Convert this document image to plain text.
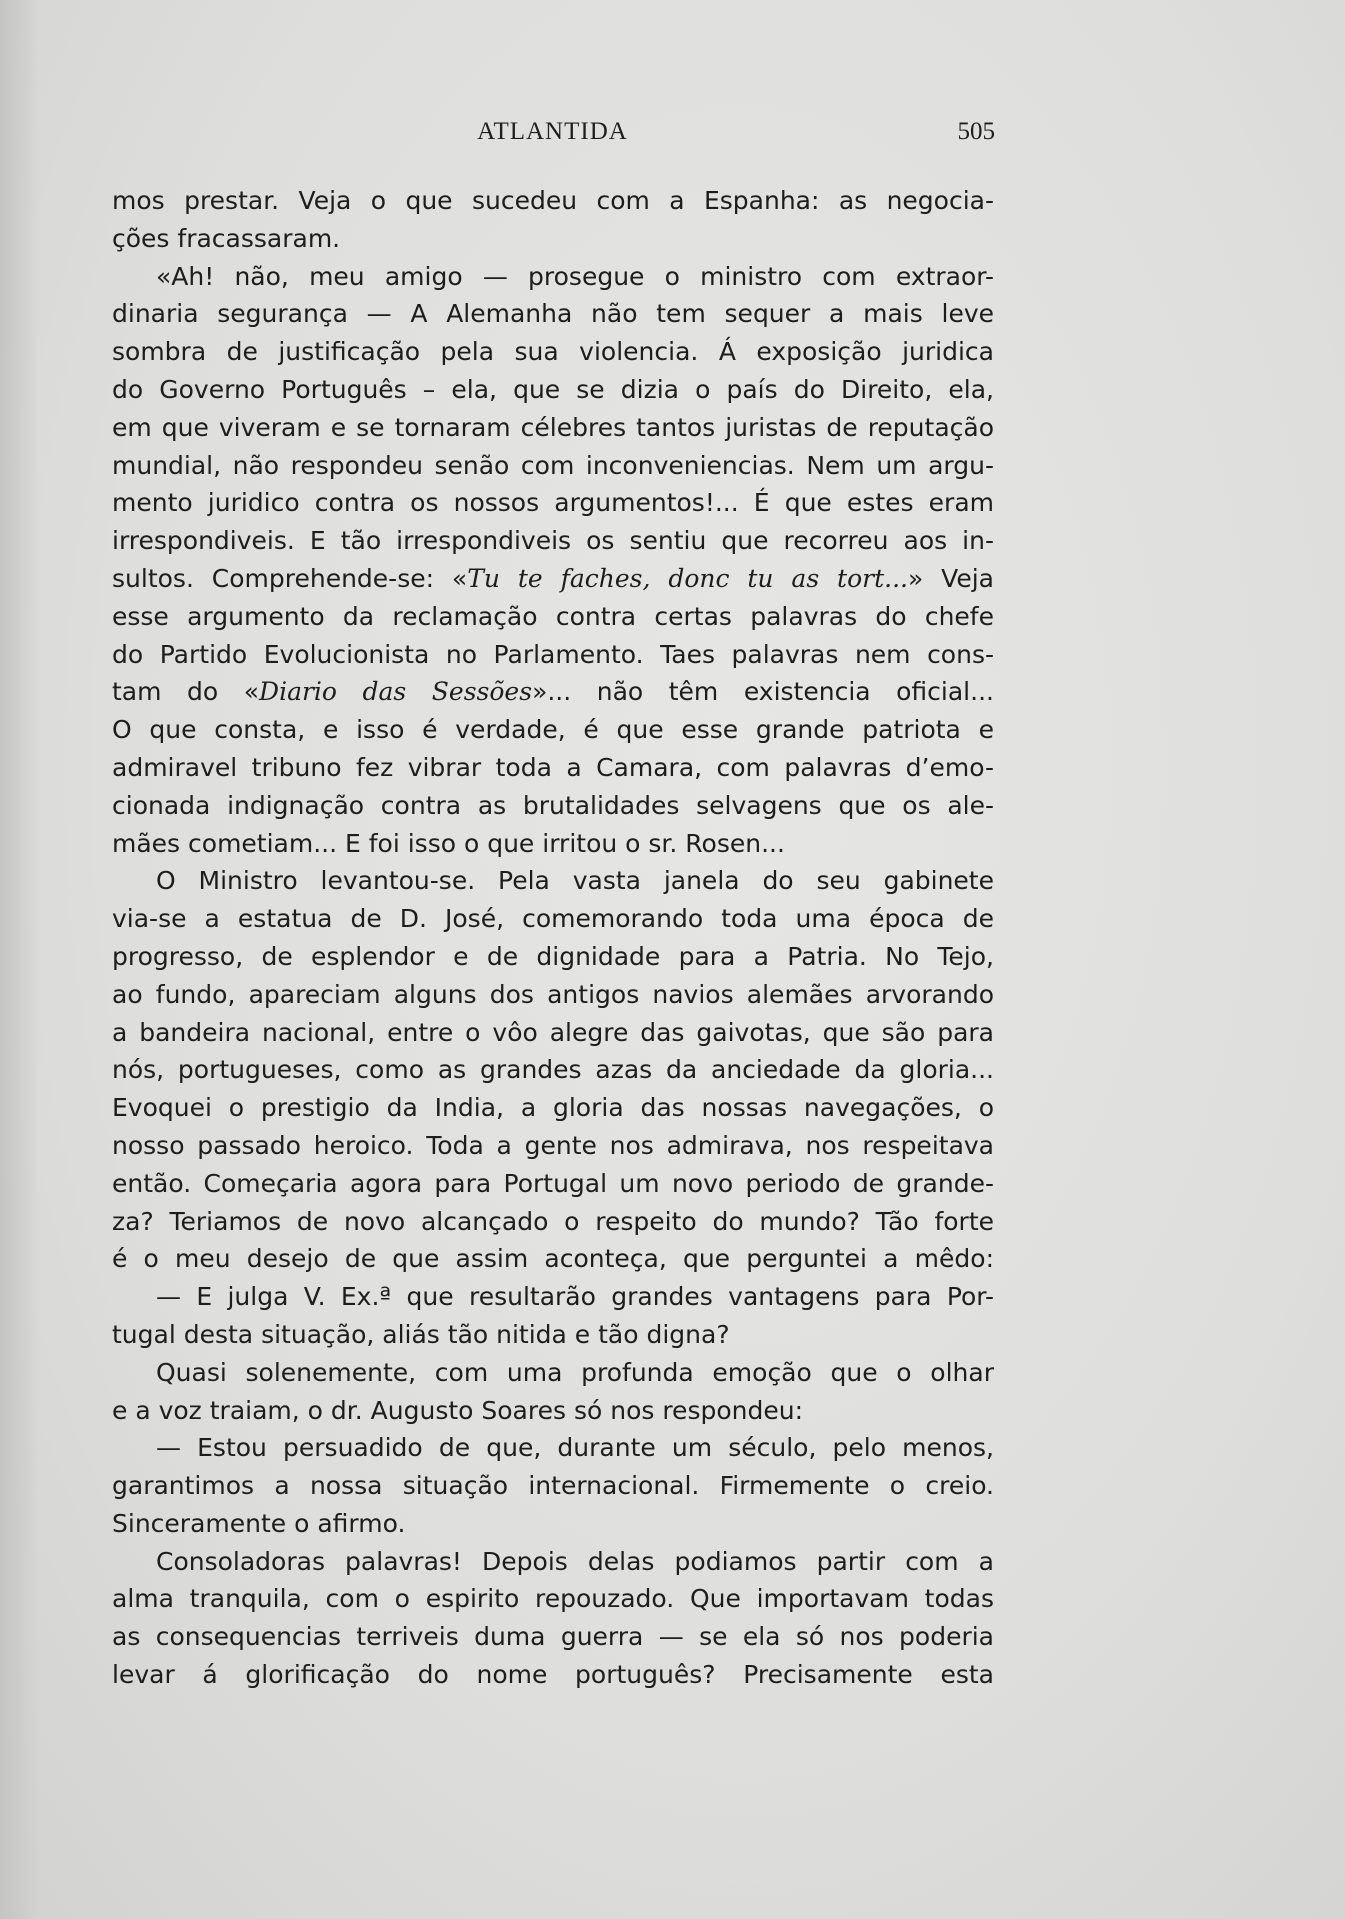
ATLANTIDA	505
mos prestar. Veja o que sucedeu com a Espanha: as negocia-
ções fracassaram.
«Ah! não, meu amigo — prosegue o ministro com extraor-
dinaria segurança — A Alemanha não tem sequer a mais leve
sombra de justificação pela sua violencia. Á exposição juridica
do Governo Português – ela, que se dizia o país do Direito, ela,
em que viveram e se tornaram célebres tantos juristas de reputação
mundial, não respondeu senão com inconveniencias. Nem um argu-
mento juridico contra os nossos argumentos!... É que estes eram
irrespondiveis. E tão irrespondiveis os sentiu que recorreu aos in-
sultos. Comprehende-se: «Tu te faches, donc tu as tort...» Veja
esse argumento da reclamação contra certas palavras do chefe
do Partido Evolucionista no Parlamento. Taes palavras nem cons-
tam do «Diario das Sessões»... não têm existencia oficial...
O que consta, e isso é verdade, é que esse grande patriota e
admiravel tribuno fez vibrar toda a Camara, com palavras d’emo-
cionada indignação contra as brutalidades selvagens que os ale-
mães cometiam... E foi isso o que irritou o sr. Rosen...
O Ministro levantou-se. Pela vasta janela do seu gabinete
via-se a estatua de D. José, comemorando toda uma época de
progresso, de esplendor e de dignidade para a Patria. No Tejo,
ao fundo, apareciam alguns dos antigos navios alemães arvorando
a bandeira nacional, entre o vôo alegre das gaivotas, que são para
nós, portugueses, como as grandes azas da anciedade da gloria...
Evoquei o prestigio da India, a gloria das nossas navegações, o
nosso passado heroico. Toda a gente nos admirava, nos respeitava
então. Começaria agora para Portugal um novo periodo de grande-
za? Teriamos de novo alcançado o respeito do mundo? Tão forte
é o meu desejo de que assim aconteça, que perguntei a mêdo:
— E julga V. Ex.ª que resultarão grandes vantagens para Por-
tugal desta situação, aliás tão nitida e tão digna?
Quasi solenemente, com uma profunda emoção que o olhar
e a voz traiam, o dr. Augusto Soares só nos respondeu:
— Estou persuadido de que, durante um século, pelo menos,
garantimos a nossa situação internacional. Firmemente o creio.
Sinceramente o afirmo.
Consoladoras palavras! Depois delas podiamos partir com a
alma tranquila, com o espirito repouzado. Que importavam todas
as consequencias terriveis duma guerra — se ela só nos poderia
levar á glorificação do nome português? Precisamente esta
